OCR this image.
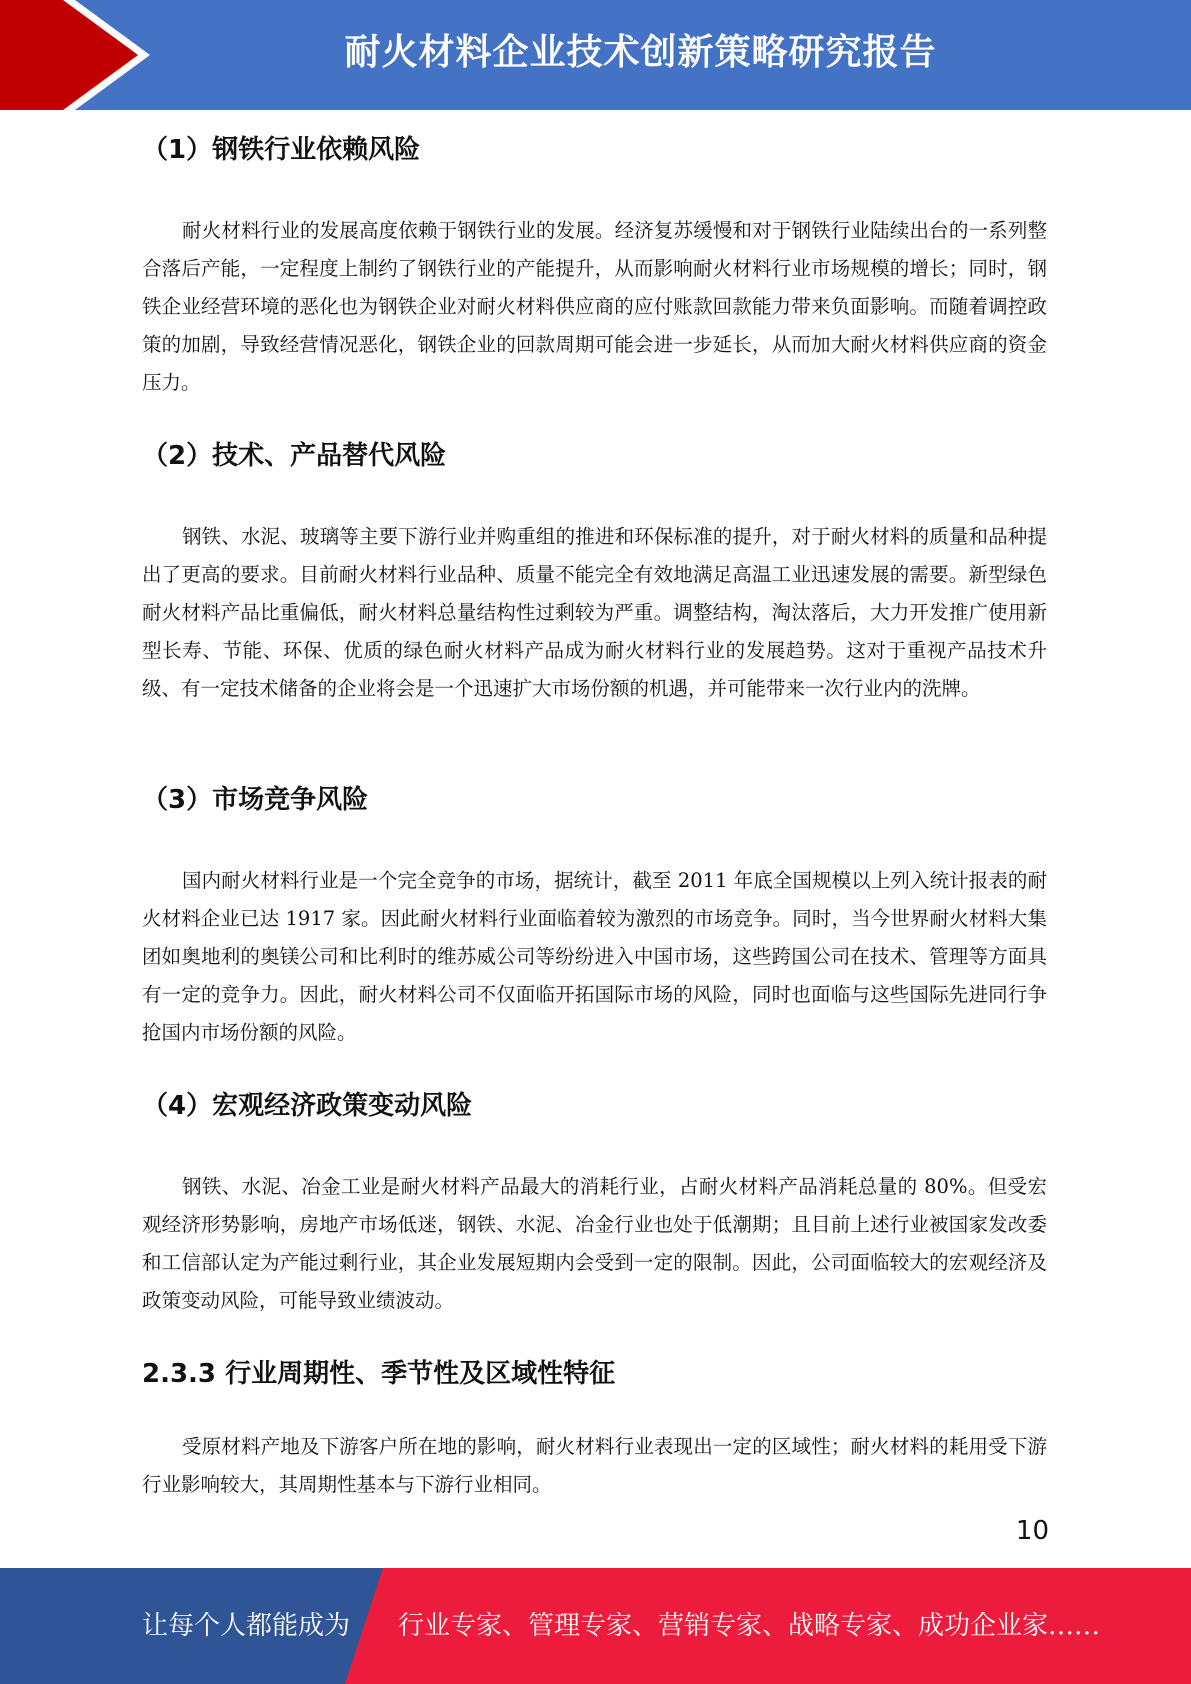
耐火材料企业技术创新策略研究报告
（1）钢铁行业依赖风险

耐火材料行业的发展高度依赖于钢铁行业的发展。经济复苏缓慢和对于钢铁行业陆续出台的一系列整合落后产能，一定程度上制约了钢铁行业的产能提升，从而影响耐火材料行业市场规模的增长；同时，钢铁企业经营环境的恶化也为钢铁企业对耐火材料供应商的应付账款回款能力带来负面影响。而随着调控政策的加剧，导致经营情况恶化，钢铁企业的回款周期可能会进一步延长，从而加大耐火材料供应商的资金压力。

（2）技术、产品替代风险

钢铁、水泥、玻璃等主要下游行业并购重组的推进和环保标准的提升，对于耐火材料的质量和品种提出了更高的要求。目前耐火材料行业品种、质量不能完全有效地满足高温工业迅速发展的需要。新型绿色耐火材料产品比重偏低，耐火材料总量结构性过剩较为严重。调整结构，淘汰落后，大力开发推广使用新型长寿、节能、环保、优质的绿色耐火材料产品成为耐火材料行业的发展趋势。这对于重视产品技术升级、有一定技术储备的企业将会是一个迅速扩大市场份额的机遇，并可能带来一次行业内的洗牌。

（3）市场竞争风险

国内耐火材料行业是一个完全竞争的市场，据统计，截至 2011 年底全国规模以上列入统计报表的耐火材料企业已达 1917 家。因此耐火材料行业面临着较为激烈的市场竞争。同时，当今世界耐火材料大集团如奥地利的奥镁公司和比利时的维苏威公司等纷纷进入中国市场，这些跨国公司在技术、管理等方面具有一定的竞争力。因此，耐火材料公司不仅面临开拓国际市场的风险，同时也面临与这些国际先进同行争抢国内市场份额的风险。

（4）宏观经济政策变动风险

钢铁、水泥、冶金工业是耐火材料产品最大的消耗行业，占耐火材料产品消耗总量的 80%。但受宏观经济形势影响，房地产市场低迷，钢铁、水泥、冶金行业也处于低潮期；且目前上述行业被国家发改委和工信部认定为产能过剩行业，其企业发展短期内会受到一定的限制。因此，公司面临较大的宏观经济及政策变动风险，可能导致业绩波动。

2.3.3 行业周期性、季节性及区域性特征

受原材料产地及下游客户所在地的影响，耐火材料行业表现出一定的区域性；耐火材料的耗用受下游行业影响较大，其周期性基本与下游行业相同。

10
让每个人都能成为 行业专家、管理专家、营销专家、战略专家、成功企业家……
